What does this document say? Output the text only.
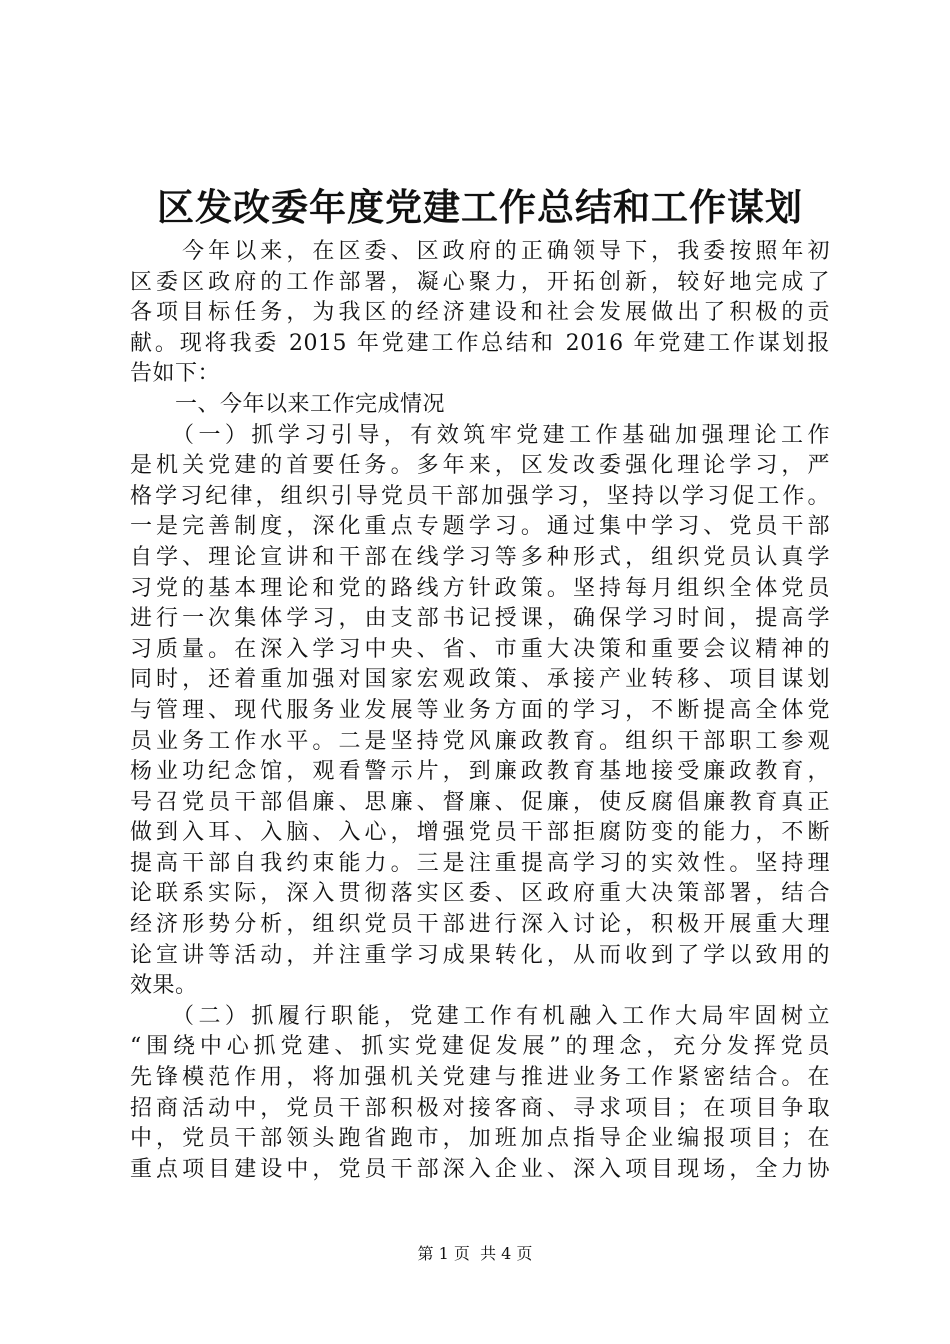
区发改委年度党建工作总结和工作谋划
　　今年以来，在区委、区政府的正确领导下，我委按照年初
区委区政府的工作部署，凝心聚力，开拓创新，较好地完成了
各项目标任务，为我区的经济建设和社会发展做出了积极的贡
献。现将我委 2015 年党建工作总结和 2016 年党建工作谋划报
告如下：
　　一、今年以来工作完成情况
　　（一）抓学习引导，有效筑牢党建工作基础加强理论工作
是机关党建的首要任务。多年来，区发改委强化理论学习，严
格学习纪律，组织引导党员干部加强学习，坚持以学习促工作。
一是完善制度，深化重点专题学习。通过集中学习、党员干部
自学、理论宣讲和干部在线学习等多种形式，组织党员认真学
习党的基本理论和党的路线方针政策。坚持每月组织全体党员
进行一次集体学习，由支部书记授课，确保学习时间，提高学
习质量。在深入学习中央、省、市重大决策和重要会议精神的
同时，还着重加强对国家宏观政策、承接产业转移、项目谋划
与管理、现代服务业发展等业务方面的学习，不断提高全体党
员业务工作水平。二是坚持党风廉政教育。组织干部职工参观
杨业功纪念馆，观看警示片，到廉政教育基地接受廉政教育，
号召党员干部倡廉、思廉、督廉、促廉，使反腐倡廉教育真正
做到入耳、入脑、入心，增强党员干部拒腐防变的能力，不断
提高干部自我约束能力。三是注重提高学习的实效性。坚持理
论联系实际，深入贯彻落实区委、区政府重大决策部署，结合
经济形势分析，组织党员干部进行深入讨论，积极开展重大理
论宣讲等活动，并注重学习成果转化，从而收到了学以致用的
效果。
　　（二）抓履行职能，党建工作有机融入工作大局牢固树立
“围绕中心抓党建、抓实党建促发展”的理念，充分发挥党员
先锋模范作用，将加强机关党建与推进业务工作紧密结合。在
招商活动中，党员干部积极对接客商、寻求项目；在项目争取
中，党员干部领头跑省跑市，加班加点指导企业编报项目；在
重点项目建设中，党员干部深入企业、深入项目现场，全力协
第 1 页  共 4 页
